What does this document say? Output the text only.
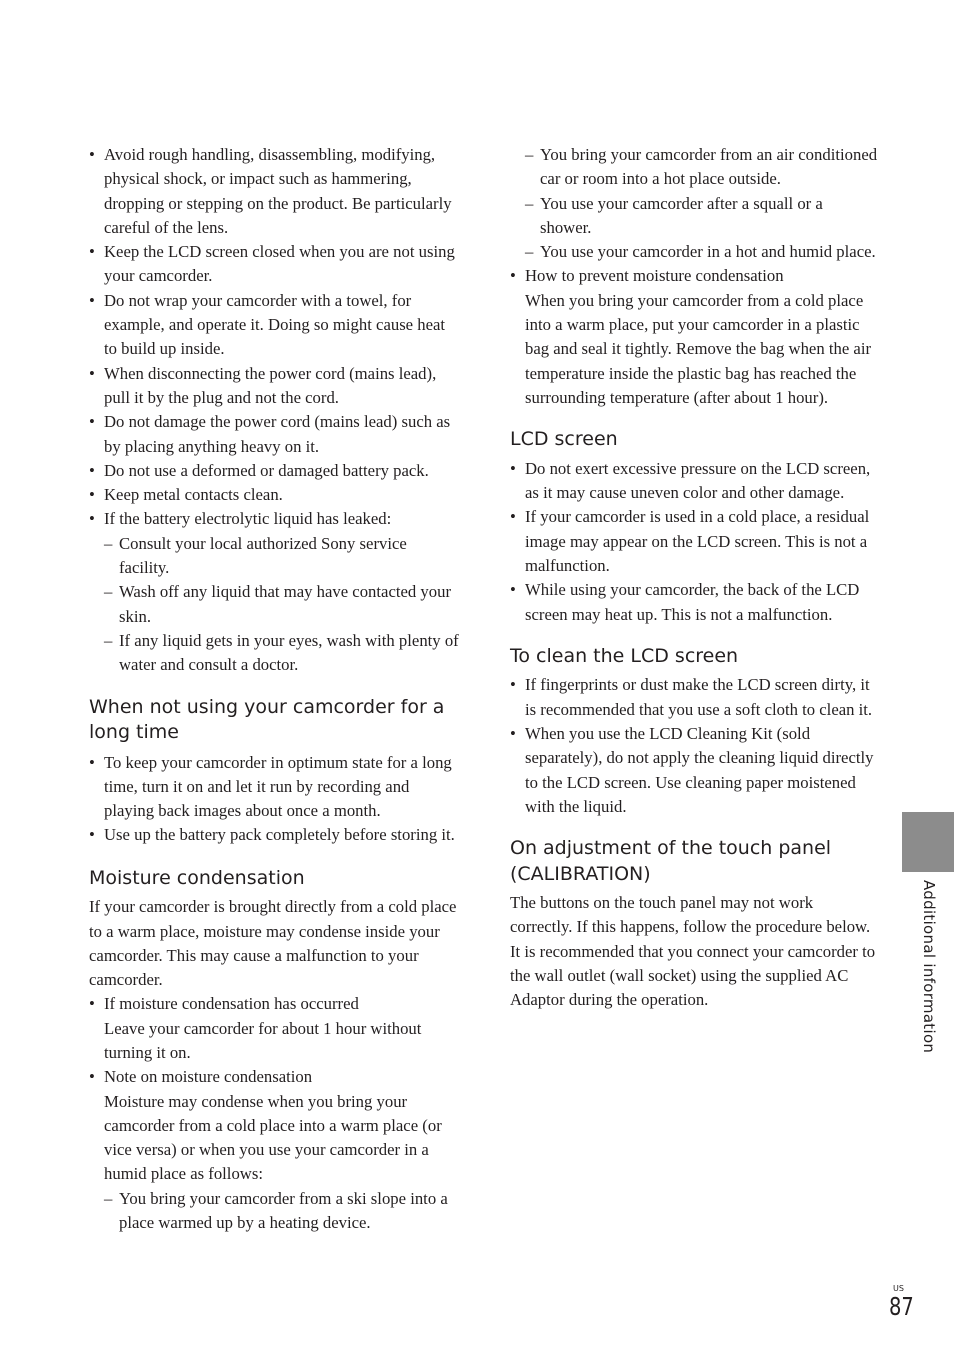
• Avoid rough handling, disassembling, modifying, physical shock, or impact such as hammering, dropping or stepping on the product. Be particularly careful of the lens.
• Keep the LCD screen closed when you are not using your camcorder.
• Do not wrap your camcorder with a towel, for example, and operate it. Doing so might cause heat to build up inside.
• When disconnecting the power cord (mains lead), pull it by the plug and not the cord.
• Do not damage the power cord (mains lead) such as by placing anything heavy on it.
• Do not use a deformed or damaged battery pack.
• Keep metal contacts clean.
• If the battery electrolytic liquid has leaked:
– Consult your local authorized Sony service facility.
– Wash off any liquid that may have contacted your skin.
– If any liquid gets in your eyes, wash with plenty of water and consult a doctor.
When not using your camcorder for a long time
• To keep your camcorder in optimum state for a long time, turn it on and let it run by recording and playing back images about once a month.
• Use up the battery pack completely before storing it.
Moisture condensation

If your camcorder is brought directly from a cold place to a warm place, moisture may condense inside your camcorder. This may cause a malfunction to your camcorder.

• If moisture condensation has occurred
Leave your camcorder for about 1 hour without turning it on.
• Note on moisture condensation
Moisture may condense when you bring your camcorder from a cold place into a warm place (or vice versa) or when you use your camcorder in a humid place as follows:
– You bring your camcorder from a ski slope into a place warmed up by a heating device.
– You bring your camcorder from an air conditioned car or room into a hot place outside.
– You use your camcorder after a squall or a shower.
– You use your camcorder in a hot and humid place.
• How to prevent moisture condensation
When you bring your camcorder from a cold place into a warm place, put your camcorder in a plastic bag and seal it tightly. Remove the bag when the air temperature inside the plastic bag has reached the surrounding temperature (after about 1 hour).
LCD screen
• Do not exert excessive pressure on the LCD screen, as it may cause uneven color and other damage.
• If your camcorder is used in a cold place, a residual image may appear on the LCD screen. This is not a malfunction.
• While using your camcorder, the back of the LCD screen may heat up. This is not a malfunction.
To clean the LCD screen
• If fingerprints or dust make the LCD screen dirty, it is recommended that you use a soft cloth to clean it.
• When you use the LCD Cleaning Kit (sold separately), do not apply the cleaning liquid directly to the LCD screen. Use cleaning paper moistened with the liquid.
On adjustment of the touch panel (CALIBRATION)

The buttons on the touch panel may not work correctly. If this happens, follow the procedure below. It is recommended that you connect your camcorder to the wall outlet (wall socket) using the supplied AC Adaptor during the operation.	Additional information
US
87
